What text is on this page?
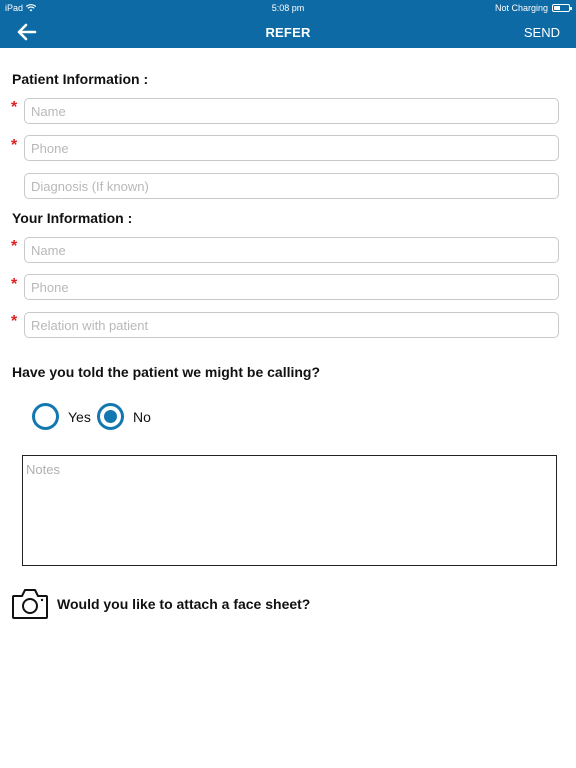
iPad	5:08 pm	Not Charging
REFER	SEND
Patient Information :
*
Name
*
Phone
Diagnosis (If known)
Your Information :
*
Name
*
Phone
*
Relation with patient
Have you told the patient we might be calling?
Yes	No
Notes
Would you like to attach a face sheet?
